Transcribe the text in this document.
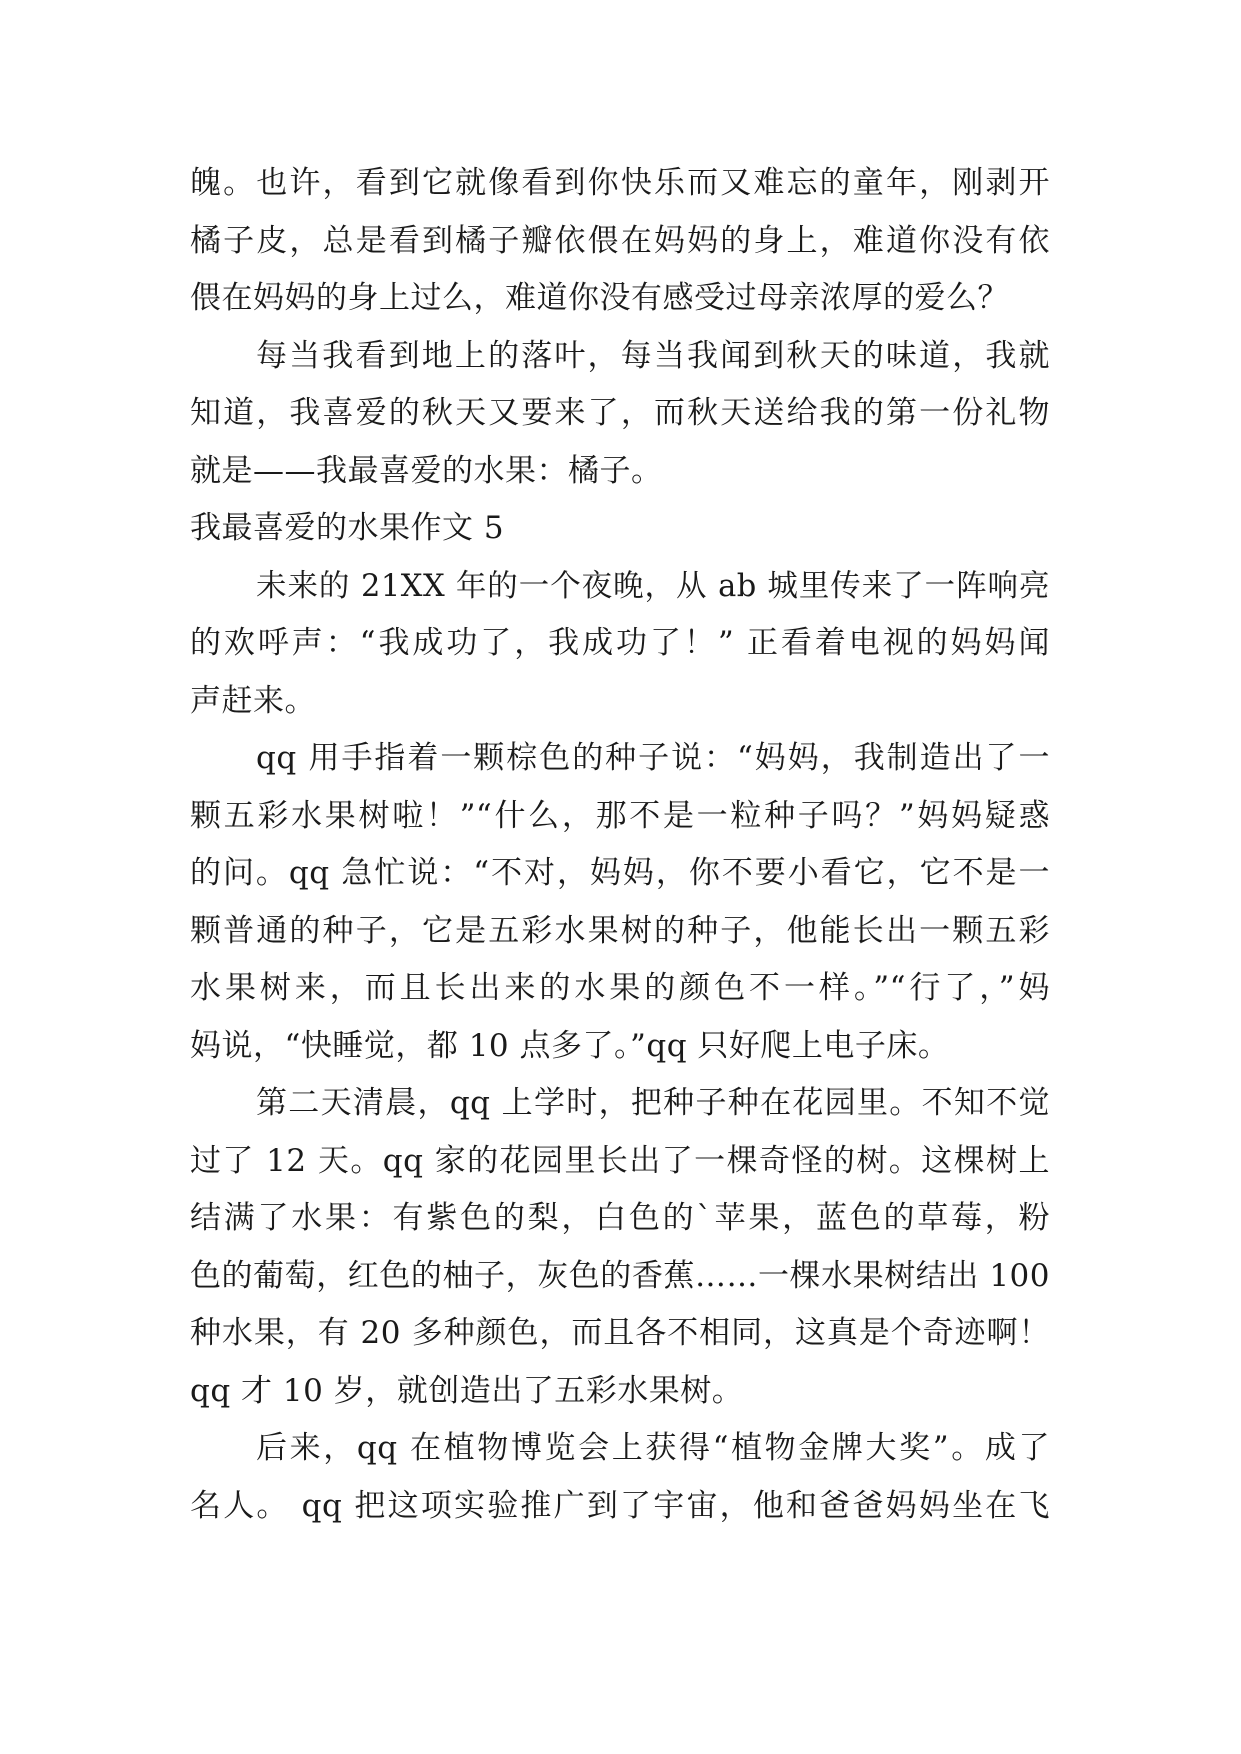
魄。也许，看到它就像看到你快乐而又难忘的童年，刚剥开
橘子皮，总是看到橘子瓣依偎在妈妈的身上，难道你没有依
偎在妈妈的身上过么，难道你没有感受过母亲浓厚的爱么？
每当我看到地上的落叶，每当我闻到秋天的味道，我就
知道，我喜爱的秋天又要来了，而秋天送给我的第一份礼物
就是——我最喜爱的水果：橘子。
我最喜爱的水果作文 5
未来的 21XX 年的一个夜晚，从 ab 城里传来了一阵响亮
的欢呼声：“我成功了，我成功了！” 正看着电视的妈妈闻
声赶来。
qq 用手指着一颗棕色的种子说：“妈妈，我制造出了一
颗五彩水果树啦！”“什么，那不是一粒种子吗？”妈妈疑惑
的问。qq 急忙说：“不对，妈妈，你不要小看它，它不是一
颗普通的种子，它是五彩水果树的种子，他能长出一颗五彩
水果树来，而且长出来的水果的颜色不一样。”“行了，”妈
妈说，“快睡觉，都 10 点多了。”qq 只好爬上电子床。
第二天清晨，qq 上学时，把种子种在花园里。不知不觉
过了 12 天。qq 家的花园里长出了一棵奇怪的树。这棵树上
结满了水果：有紫色的梨，白色的`苹果，蓝色的草莓，粉
色的葡萄，红色的柚子，灰色的香蕉……一棵水果树结出 100
种水果，有 20 多种颜色，而且各不相同，这真是个奇迹啊！
qq 才 10 岁，就创造出了五彩水果树。
后来，qq 在植物博览会上获得“植物金牌大奖”。成了
名人。 qq 把这项实验推广到了宇宙，他和爸爸妈妈坐在飞
